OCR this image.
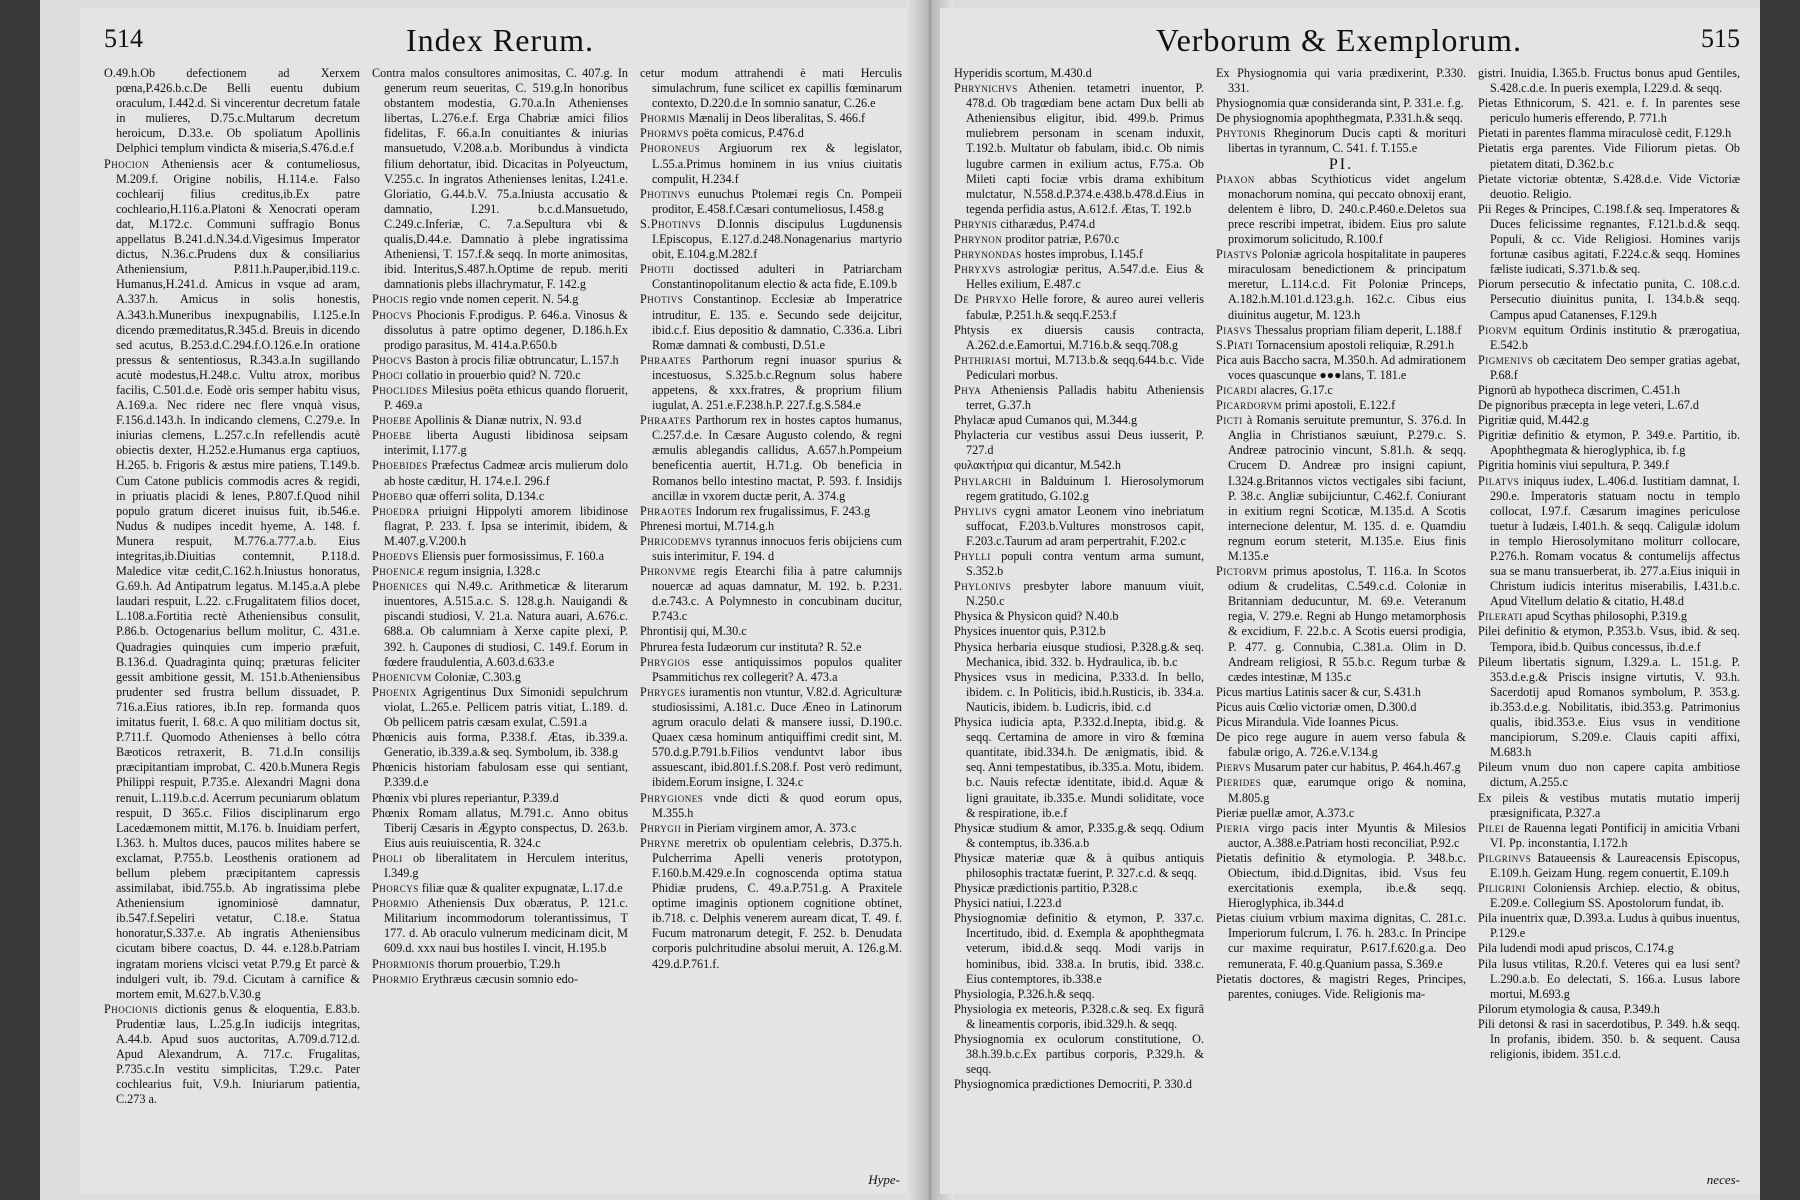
514	Index Rerum.

O.49.h.Ob defectionem ad Xerxem pœna,P.426.b.c.De Belli euentu dubium oraculum, I.442.d. Si vincerentur decretum fatale in mulieres, D.75.c.Multarum decretum heroicum, D.33.e. Ob spoliatum Apollinis Delphici templum vindicta & miseria,S.476.d.e.f

Phocion Atheniensis acer & contumeliosus, M.209.f. Origine nobilis, H.114.e. Falso cochlearij filius creditus,ib.Ex patre cochleario,H.116.a.Platoni & Xenocrati operam dat, M.172.c. Communi suffragio Bonus appellatus B.241.d.N.34.d.Vigesimus Imperator dictus, N.36.c.Prudens dux & consiliarius Atheniensium, P.811.h.Pauper,ibid.119.c. Humanus,H.241.d. Amicus in vsque ad aram, A.337.h. Amicus in solis honestis, A.343.h.Muneribus inexpugnabilis, I.125.e.In dicendo præmeditatus,R.345.d. Breuis in dicendo sed acutus, B.253.d.C.294.f.O.126.e.In oratione pressus & sententiosus, R.343.a.In sugillando acutè modestus,H.248.c. Vultu atrox, moribus facilis, C.501.d.e. Eodè oris semper habitu visus, A.169.a. Nec ridere nec flere vnquà visus, F.156.d.143.h. In indicando clemens, C.279.e. In iniurias clemens, L.257.c.In refellendis acutè obiectis dexter, H.252.e.Humanus erga captiuos, H.265. b. Frigoris & æstus mire patiens, T.149.b. Cum Catone publicis commodis acres & regidi, in priuatis placidi & lenes, P.807.f.Quod nihil populo gratum diceret inuisus fuit, ib.546.e. Nudus & nudipes incedit hyeme, A. 148. f. Munera respuit, M.776.a.777.a.b. Eius integritas,ib.Diuitias contemnit, P.118.d. Maledice vitæ cedit,C.162.h.Iniustus honoratus, G.69.h. Ad Antipatrum legatus. M.145.a.A plebe laudari respuit, L.22. c.Frugalitatem filios docet, L.108.a.Fortitia rectè Atheniensibus consulit, P.86.b. Octogenarius bellum molitur, C. 431.e. Quadragies quinquies cum imperio præfuit, B.136.d. Quadraginta quinq; præturas feliciter gessit ambitione gessit, M. 151.b.Atheniensibus prudenter sed frustra bellum dissuadet, P. 716.a.Eius ratiores, ib.In rep. formanda quos imitatus fuerit, I. 68.c. A quo militiam doctus sit, P.711.f. Quomodo Athenienses à bello cótra Bæoticos retraxerit, B. 71.d.In consilijs præcipitantiam improbat, C. 420.b.Munera Regis Philippi respuit, P.735.e. Alexandri Magni dona renuit, L.119.b.c.d. Acerrum pecuniarum oblatum respuit, D 365.c. Filios disciplinarum ergo Lacedæmonem mittit, M.176. b. Inuidiam perfert, I.363. h. Multos duces, paucos milites habere se exclamat, P.755.b. Leosthenis orationem ad bellum plebem præcipitantem capressis assimilabat, ibid.755.b. Ab ingratissima plebe Atheniensium ignominiosè damnatur, ib.547.f.Sepeliri vetatur, C.18.e. Statua honoratur,S.337.e. Ab ingratis Atheniensibus cicutam bibere coactus, D. 44. e.128.b.Patriam ingratam moriens vlcisci vetat P.79.g Et parcè & indulgeri vult, ib. 79.d. Cicutam à carnifice & mortem emit, M.627.b.V.30.g

Phocionis dictionis genus & eloquentia, E.83.b. Prudentiæ laus, L.25.g.In iudicijs integritas, A.44.b. Apud suos auctoritas, A.709.d.712.d. Apud Alexandrum, A. 717.c. Frugalitas, P.735.c.In vestitu simplicitas, T.29.c. Pater cochlearius fuit, V.9.h. Iniuriarum patientia, C.273 a.

Contra malos consultores animositas, C. 407.g. In generum reum seueritas, C. 519.g.In honoribus obstantem modestia, G.70.a.In Athenienses libertas, L.276.e.f. Erga Chabriæ amici filios fidelitas, F. 66.a.In conuitiantes & iniurias mansuetudo, V.208.a.b. Moribundus à vindicta filium dehortatur, ibid. Dicacitas in Polyeuctum, V.255.c. In ingratos Athenienses lenitas, I.241.e. Gloriatio, G.44.b.V. 75.a.Iniusta accusatio & damnatio, I.291. b.c.d.Mansuetudo, C.249.c.Inferiæ, C. 7.a.Sepultura vbi & qualis,D.44.e. Damnatio à plebe ingratissima Atheniensi, T. 157.f.& seqq. In morte animositas, ibid. Interitus,S.487.h.Optime de repub. meriti damnationis plebs illachrymatur, F. 142.g

Phocis regio vnde nomen ceperit. N. 54.g

Phocvs Phocionis F.prodigus. P. 646.a. Vinosus & dissolutus à patre optimo degener, D.186.h.Ex prodigo parasitus, M. 414.a.P.650.b

Phocvs Baston à procis filiæ obtruncatur, L.157.h

Phoci collatio in prouerbio quid? N. 720.c

Phoclides Milesius poëta ethicus quando floruerit, P. 469.a

Phoebe Apollinis & Dianæ nutrix, N. 93.d

Phoebe liberta Augusti libidinosa seipsam interimit, I.177.g

Phoebides Præfectus Cadmeæ arcis mulierum dolo ab hoste cæditur, H. 174.e.I. 296.f

Phoebo quæ offerri solita, D.134.c

Phoedra priuigni Hippolyti amorem libidinose flagrat, P. 233. f. Ipsa se interimit, ibidem, & M.407.g.V.200.h

Phoedvs Eliensis puer formosissimus, F. 160.a

Phoenicæ regum insignia, I.328.c

Phoenices qui N.49.c. Arithmeticæ & literarum inuentores, A.515.a.c. S. 128.g.h. Nauigandi & piscandi studiosi, V. 21.a. Natura auari, A.676.c. 688.a. Ob calumniam à Xerxe capite plexi, P. 392. h. Caupones di studiosi, C. 149.f. Eorum in fœdere fraudulentia, A.603.d.633.e

Phoenicvm Coloniæ, C.303.g

Phoenix Agrigentinus Dux Simonidi sepulchrum violat, L.265.e. Pellicem patris vitiat, L.189. d. Ob pellicem patris cæsam exulat, C.591.a

Phœnicis auis forma, P.338.f. Ætas, ib.339.a. Generatio, ib.339.a.& seq. Symbolum, ib. 338.g

Phœnicis historiam fabulosam esse qui sentiant, P.339.d.e

Phœnix vbi plures reperiantur, P.339.d

Phœnix Romam allatus, M.791.c. Anno obitus Tiberij Cæsaris in Ægypto conspectus, D. 263.b. Eius auis reuiuiscentia, R. 324.c

Pholi ob liberalitatem in Herculem interitus, I.349.g

Phorcys filiæ quæ & qualiter expugnatæ, L.17.d.e

Phormio Atheniensis Dux obæratus, P. 121.c. Militarium incommodorum tolerantissimus, T 177. d. Ab oraculo vulnerum medicinam dicit, M 609.d. xxx naui bus hostiles I. vincit, H.195.b

Phormionis thorum prouerbio, T.29.h

Phormio Erythræus cæcusin somnio edo-

cetur modum attrahendi è mati Herculis simulachrum, fune scilicet ex capillis fœminarum contexto, D.220.d.e In somnio sanatur, C.26.e

Phormis Mænalij in Deos liberalitas, S. 466.f

Phormvs poëta comicus, P.476.d

Phoroneus Argiuorum rex & legislator, L.55.a.Primus hominem in ius vnius ciuitatis compulit, H.234.f

Photinvs eunuchus Ptolemæi regis Cn. Pompeii proditor, E.458.f.Cæsari contumeliosus, I.458.g

S.Photinvs D.Ionnis discipulus Lugdunensis I.Episcopus, E.127.d.248.Nonagenarius martyrio obit, E.104.g.M.282.f

Photii doctissed adulteri in Patriarcham Constantinopolitanum electio & acta fide, E.109.b

Photivs Constantinop. Ecclesiæ ab Imperatrice intruditur, E. 135. e. Secundo sede deijcitur, ibid.c.f. Eius depositio & damnatio, C.336.a. Libri Romæ damnati & combusti, D.51.e

Phraates Parthorum regni inuasor spurius & incestuosus, S.325.b.c.Regnum solus habere appetens, & xxx.fratres, & proprium filium iugulat, A. 251.e.F.238.h.P. 227.f.g.S.584.e

Phraates Parthorum rex in hostes captos humanus, C.257.d.e. In Cæsare Augusto colendo, & regni æmulis ablegandis callidus, A.657.h.Pompeium beneficentia auertit, H.71.g. Ob beneficia in Romanos bello intestino mactat, P. 593. f. Insidijs ancillæ in vxorem ductæ perit, A. 374.g

Phraotes Indorum rex frugalissimus, F. 243.g

Phrenesi mortui, M.714.g.h

Phricodemvs tyrannus innocuos feris obijciens cum suis interimitur, F. 194. d

Phronvme regis Etearchi filia à patre calumnijs nouercæ ad aquas damnatur, M. 192. b. P.231. d.e.743.c. A Polymnesto in concubinam ducitur, P.743.c

Phrontisij qui, M.30.c

Phrurea festa Iudæorum cur instituta? R. 52.e

Phrygios esse antiquissimos populos qualiter Psammitichus rex collegerit? A. 473.a

Phryges iuramentis non vtuntur, V.82.d. Agriculturæ studiosissimi, A.181.c. Duce Æneo in Latinorum agrum oraculo delati & mansere iussi, D.190.c. Quaex cæsa hominum antiquiffimi credit sint, M. 570.d.g.P.791.b.Filios venduntvt labor ibus assuescant, ibid.801.f.S.208.f. Post verò redimunt, ibidem.Eorum insigne, I. 324.c

Phrygiones vnde dicti & quod eorum opus, M.355.h

Phrygii in Pieriam virginem amor, A. 373.c

Phryne meretrix ob opulentiam celebris, D.375.h. Pulcherrima Apelli veneris prototypon, F.160.b.M.429.e.In cognoscenda optima statua Phidiæ prudens, C. 49.a.P.751.g. A Praxitele optime imaginis optionem cognitione obtinet, ib.718. c. Delphis venerem auream dicat, T. 49. f. Fucum matronarum detegit, F. 252. b. Denudata corporis pulchritudine absolui meruit, A. 126.g.M. 429.d.P.761.f.

Hype-
Verborum & Exemplorum.	515

Hyperidis scortum, M.430.d

Phrynichvs Athenien. tetametri inuentor, P. 478.d. Ob tragœdiam bene actam Dux belli ab Atheniensibus eligitur, ibid. 499.b. Primus muliebrem personam in scenam induxit, T.192.b. Multatur ob fabulam, ibid.c. Ob nimis lugubre carmen in exilium actus, F.75.a. Ob Mileti capti fociæ vrbis drama exhibitum mulctatur, N.558.d.P.374.e.438.b.478.d.Eius in tegenda perfidia astus, A.612.f. Ætas, T. 192.b

Phrynis citharædus, P.474.d

Phrynon proditor patriæ, P.670.c

Phrynondas hostes improbus, I.145.f

Phryxvs astrologiæ peritus, A.547.d.e. Eius & Helles exilium, E.487.c

De Phryxo Helle forore, & aureo aurei velleris fabulæ, P.251.h.& seqq.F.253.f

Phtysis ex diuersis causis contracta, A.262.d.e.Eamortui, M.716.b.& seqq.708.g

Phthiriasi mortui, M.713.b.& seqq.644.b.c. Vide Pediculari morbus.

Phya Atheniensis Palladis habitu Atheniensis terret, G.37.h

Phylacæ apud Cumanos qui, M.344.g

Phylacteria cur vestibus assui Deus iusserit, P. 727.d

φυλακτήρια qui dicantur, M.542.h

Phylarchi in Balduinum I. Hierosolymorum regem gratitudo, G.102.g

Phylivs cygni amator Leonem vino inebriatum suffocat, F.203.b.Vultures monstrosos capit, F.203.c.Taurum ad aram perpertrahit, F.202.c

Phylli populi contra ventum arma sumunt, S.352.b

Phylonivs presbyter labore manuum viuit, N.250.c

Physica & Physicon quid? N.40.b

Physices inuentor quis, P.312.b

Physica herbaria eiusque studiosi, P.328.g.& seq. Mechanica, ibid. 332. b. Hydraulica, ib. b.c

Physices vsus in medicina, P.333.d. In bello, ibidem. c. In Politicis, ibid.h.Rusticis, ib. 334.a. Nauticis, ibidem. b. Ludicris, ibid. c.d

Physica iudicia apta, P.332.d.Inepta, ibid.g. & seqq. Certamina de amore in viro & fœmina quantitate, ibid.334.h. De ænigmatis, ibid. & seq. Anni tempestatibus, ib.335.a. Motu, ibidem. b.c. Nauis refectæ identitate, ibid.d. Aquæ & ligni grauitate, ib.335.e. Mundi soliditate, voce & respiratione, ib.e.f

Physicæ studium & amor, P.335.g.& seqq. Odium & contemptus, ib.336.a.b

Physicæ materiæ quæ & à quibus antiquis philosophis tractatæ fuerint, P. 327.c.d. & seqq.

Physicæ prædictionis partitio, P.328.c

Physici natiui, I.223.d

Physiognomiæ definitio & etymon, P. 337.c. Incertitudo, ibid. d. Exempla & apophthegmata veterum, ibid.d.& seqq. Modi varijs in hominibus, ibid. 338.a. In brutis, ibid. 338.c. Eius contemptores, ib.338.e

Physiologia, P.326.h.& seqq.

Physiologia ex meteoris, P.328.c.& seq. Ex figurâ & lineamentis corporis, ibid.329.h. & seqq.

Physiognomia ex oculorum constitutione, O. 38.h.39.b.c.Ex partibus corporis, P.329.h. & seqq.

Physiognomica prædictiones Democriti, P. 330.d

Ex Physiognomia qui varia prædixerint, P.330. 331.

Physiognomia quæ consideranda sint, P. 331.e. f.g.

De physiognomia apophthegmata, P.331.h.& seqq.

Phytonis Rheginorum Ducis capti & morituri libertas in tyrannum, C. 541. f. T.155.e

PI.

Piaxon abbas Scythioticus videt angelum monachorum nomina, qui peccato obnoxij erant, delentem è libro, D. 240.c.P.460.e.Deletos sua prece rescribi impetrat, ibidem. Eius pro salute proximorum solicitudo, R.100.f

Piastvs Poloniæ agricola hospitalitate in pauperes miraculosam benedictionem & principatum meretur, L.114.c.d. Fit Poloniæ Princeps, A.182.h.M.101.d.123.g.h. 162.c. Cibus eius diuinitus augetur, M. 123.h

Piasvs Thessalus propriam filiam deperit, L.188.f

S.Piati Tornacensium apostoli reliquiæ, R.291.h

Pica auis Baccho sacra, M.350.h. Ad admirationem voces quascunque ●●●lans, T. 181.e

Picardi alacres, G.17.c

Picardorvm primi apostoli, E.122.f

Picti à Romanis seruitute premuntur, S. 376.d. In Anglia in Christianos sæuiunt, P.279.c. S. Andreæ patrocinio vincunt, S.81.h. & seqq. Crucem D. Andreæ pro insigni capiunt, I.324.g.Britannos victos vectigales sibi faciunt, P. 38.c. Angliæ subijciuntur, C.462.f. Coniurant in exitium regni Scoticæ, M.135.d. A Scotis internecione delentur, M. 135. d. e. Quamdiu regnum eorum steterit, M.135.e. Eius finis M.135.e

Pictorvm primus apostolus, T. 116.a. In Scotos odium & crudelitas, C.549.c.d. Coloniæ in Britanniam deducuntur, M. 69.e. Veteranum regia, V. 279.e. Regni ab Hungo metamorphosis & excidium, F. 22.b.c. A Scotis euersi prodigia, P. 477. g. Connubia, C.381.a. Olim in D. Andream religiosi, R 55.b.c. Regum turbæ & cædes intestinæ, M 135.c

Picus martius Latinis sacer & cur, S.431.h

Picus auis Cœlio victoriæ omen, D.300.d

Picus Mirandula. Vide Ioannes Picus.

De pico rege augure in auem verso fabula & fabulæ origo, A. 726.e.V.134.g

Piervs Musarum pater cur habitus, P. 464.h.467.g

Pierides quæ, earumque origo & nomina, M.805.g

Pieriæ puellæ amor, A.373.c

Pieria virgo pacis inter Myuntis & Milesios auctor, A.388.e.Patriam hosti reconciliat, P.92.c

Pietatis definitio & etymologia. P. 348.b.c. Obiectum, ibid.d.Dignitas, ibid. Vsus feu exercitationis exempla, ib.e.& seqq. Hieroglyphica, ib.344.d

Pietas ciuium vrbium maxima dignitas, C. 281.c. Imperiorum fulcrum, I. 76. h. 283.c. In Principe cur maxime requiratur, P.617.f.620.g.a. Deo remunerata, F. 40.g.Quanium passa, S.369.e

Pietatis doctores, & magistri Reges, Principes, parentes, coniuges. Vide. Religionis ma-

gistri. Inuidia, I.365.b. Fructus bonus apud Gentiles, S.428.c.d.e. In pueris exempla, I.229.d. & seqq.

Pietas Ethnicorum, S. 421. e. f. In parentes sese periculo humeris efferendo, P. 771.h

Pietati in parentes flamma miraculosè cedit, F.129.h

Pietatis erga parentes. Vide Filiorum pietas. Ob pietatem ditati, D.362.b.c

Pietate victoriæ obtentæ, S.428.d.e. Vide Victoriæ deuotio. Religio.

Pii Reges & Principes, C.198.f.& seq. Imperatores & Duces felicissime regnantes, F.121.b.d.& seqq. Populi, & cc. Vide Religiosi. Homines varijs fortunæ casibus agitati, F.224.c.& seqq. Homines fæliste iudicati, S.371.b.& seq.

Piorum persecutio & infectatio punita, C. 108.c.d. Persecutio diuinitus punita, I. 134.b.& seqq. Campus apud Catanenses, F.129.h

Piorvm equitum Ordinis institutio & prærogatiua, E.542.b

Pigmenivs ob cæcitatem Deo semper gratias agebat, P.68.f

Pignorū ab hypotheca discrimen, C.451.h

De pignoribus præcepta in lege veteri, L.67.d

Pigritiæ quid, M.442.g

Pigritiæ definitio & etymon, P. 349.e. Partitio, ib. Apophthegmata & hieroglyphica, ib. f.g

Pigritia hominis viui sepultura, P. 349.f

Pilatvs iniquus iudex, L.406.d. Iustitiam damnat, I. 290.e. Imperatoris statuam noctu in templo collocat, I.97.f. Cæsarum imagines periculose tuetur à Iudæis, I.401.h. & seqq. Caligulæ idolum in templo Hierosolymitano moliturr collocare, P.276.h. Romam vocatus & contumelijs affectus sua se manu transuerberat, ib. 277.a.Eius iniquii in Christum iudicis interitus miserabilis, I.431.b.c. Apud Vitellum delatio & citatio, H.48.d

Pilerati apud Scythas philosophi, P.319.g

Pilei definitio & etymon, P.353.b. Vsus, ibid. & seq. Tempora, ibid.b. Quibus concessus, ib.d.e.f

Pileum libertatis signum, I.329.a. L. 151.g. P. 353.d.e.g.& Priscis insigne virtutis, V. 93.h. Sacerdotij apud Romanos symbolum, P. 353.g. ib.353.d.e.g. Nobilitatis, ibid.353.g. Patrimonius qualis, ibid.353.e. Eius vsus in venditione mancipiorum, S.209.e. Clauis capiti affixi, M.683.h

Pileum vnum duo non capere capita ambitiose dictum, A.255.c

Ex pileis & vestibus mutatis mutatio imperij præsignificata, P.327.a

Pilei de Rauenna legati Pontificij in amicitia Vrbani VI. Pp. inconstantia, I.172.h

Pilgrinvs Bataueensis & Laureacensis Episcopus, E.109.h. Geizam Hung. regem conuertit, E.109.h

Piligrini Coloniensis Archiep. electio, & obitus, E.209.e. Collegium SS. Apostolorum fundat, ib.

Pila inuentrix quæ, D.393.a. Ludus à quibus inuentus, P.129.e

Pila ludendi modi apud priscos, C.174.g

Pila lusus vtilitas, R.20.f. Veteres qui ea lusi sent? L.290.a.b. Eo delectati, S. 166.a. Lusus labore mortui, M.693.g

Pilorum etymologia & causa, P.349.h

Pili detonsi & rasi in sacerdotibus, P. 349. h.& seqq. In profanis, ibidem. 350. b. & sequent. Causa religionis, ibidem. 351.c.d.

neces-
